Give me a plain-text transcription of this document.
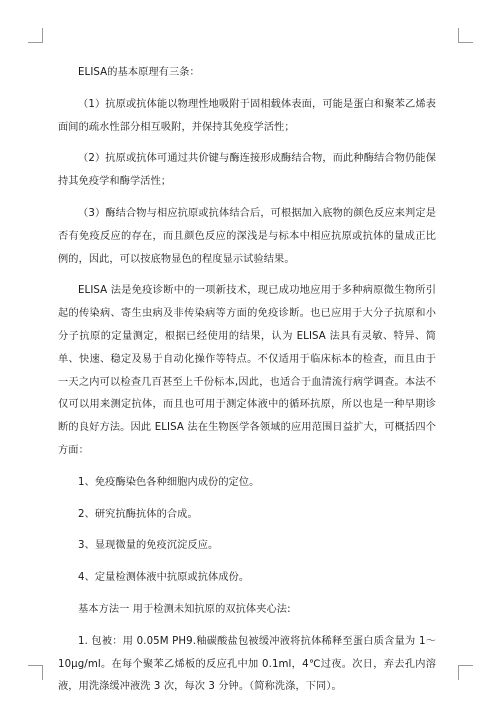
ELISA的基本原理有三条：

（1）抗原或抗体能以物理性地吸附于固相载体表面，可能是蛋白和聚苯乙烯表面间的疏水性部分相互吸附，并保持其免疫学活性；

（2）抗原或抗体可通过共价键与酶连接形成酶结合物，而此种酶结合物仍能保持其免疫学和酶学活性；

（3）酶结合物与相应抗原或抗体结合后，可根据加入底物的颜色反应来判定是否有免疫反应的存在，而且颜色反应的深浅是与标本中相应抗原或抗体的量成正比例的，因此，可以按底物显色的程度显示试验结果。

ELISA 法是免疫诊断中的一项新技术，现已成功地应用于多种病原微生物所引起的传染病、寄生虫病及非传染病等方面的免疫诊断。也已应用于大分子抗原和小分子抗原的定量测定，根据已经使用的结果，认为 ELISA 法具有灵敏、特异、简单、快速、稳定及易于自动化操作等特点。不仅适用于临床标本的检查，而且由于一天之内可以检查几百甚至上千份标本,因此，也适合于血清流行病学调查。本法不仅可以用来测定抗体，而且也可用于测定体液中的循环抗原，所以也是一种早期诊断的良好方法。因此 ELISA 法在生物医学各领域的应用范围日益扩大，可概括四个方面：

1、免疫酶染色各种细胞内成份的定位。

2、研究抗酶抗体的合成。

3、显现微量的免疫沉淀反应。

4、定量检测体液中抗原或抗体成份。

基本方法一 用于检测未知抗原的双抗体夹心法:

1. 包被：用 0.05M PH9.釉碳酸盐包被缓冲液将抗体稀释至蛋白质含量为 1～10μg/ml。在每个聚苯乙烯板的反应孔中加 0.1ml，4℃过夜。次日，弃去孔内溶液，用洗涤缓冲液洗 3 次，每次 3 分钟。（简称洗涤，下同）。
